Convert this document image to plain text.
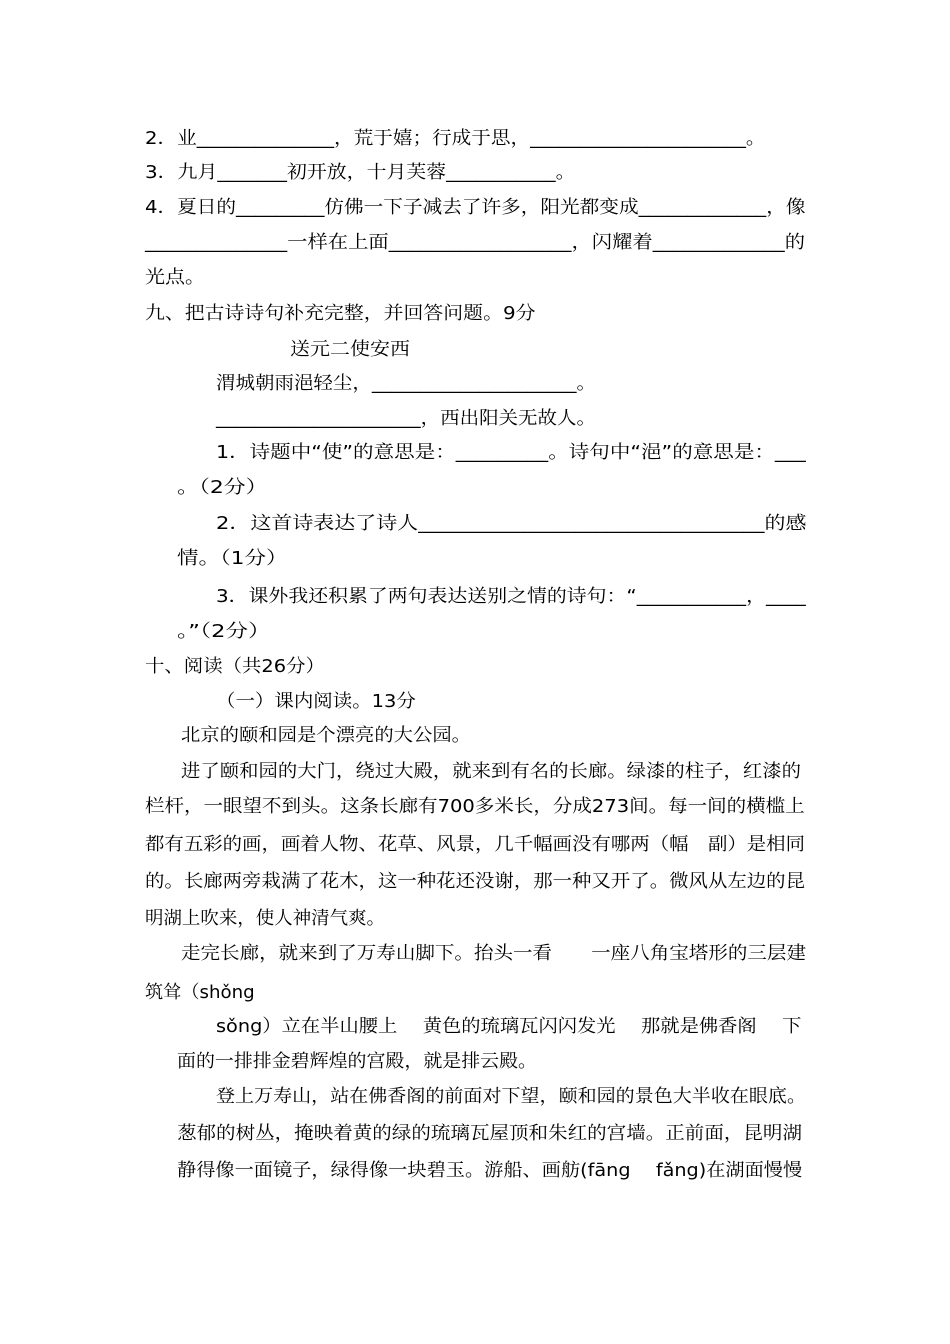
2．业______________，荒于嬉；行成于思，______________________。
3．九月_______初开放，十月芙蓉___________。
4．夏日的_________仿佛一下子减去了许多，阳光都变成_____________，像
______________一样在上面__________________，闪耀着_____________的
光点。
九、把古诗诗句补充完整，并回答问题。9分
送元二使安西
渭城朝雨浥轻尘，_____________________。
_____________________，西出阳关无故人。
1．诗题中“使”的意思是：_________。诗句中“浥”的意思是：___
。（2分）
2．这首诗表达了诗人_________________________________的感
情。（1分）
3．课外我还积累了两句表达送别之情的诗句：“___________，____
。”（2分）
十、阅读（共26分）
（一）课内阅读。13分
北京的颐和园是个漂亮的大公园。
进了颐和园的大门，绕过大殿，就来到有名的长廊。绿漆的柱子，红漆的
栏杆，一眼望不到头。这条长廊有700多米长，分成273间。每一间的横槛上
都有五彩的画，画着人物、花草、风景，几千幅画没有哪两（幅　副）是相同
的。长廊两旁栽满了花木，这一种花还没谢，那一种又开了。微风从左边的昆
明湖上吹来，使人神清气爽。
走完长廊，就来到了万寿山脚下。抬头一看　　一座八角宝塔形的三层建
筑耸（shǒng
sǒng）立在半山腰上　 黄色的琉璃瓦闪闪发光　 那就是佛香阁　 下
面的一排排金碧辉煌的宫殿，就是排云殿。
登上万寿山，站在佛香阁的前面对下望，颐和园的景色大半收在眼底。
葱郁的树丛，掩映着黄的绿的琉璃瓦屋顶和朱红的宫墙。正前面，昆明湖
静得像一面镜子，绿得像一块碧玉。游船、画舫(fāng　 fǎng)在湖面慢慢
